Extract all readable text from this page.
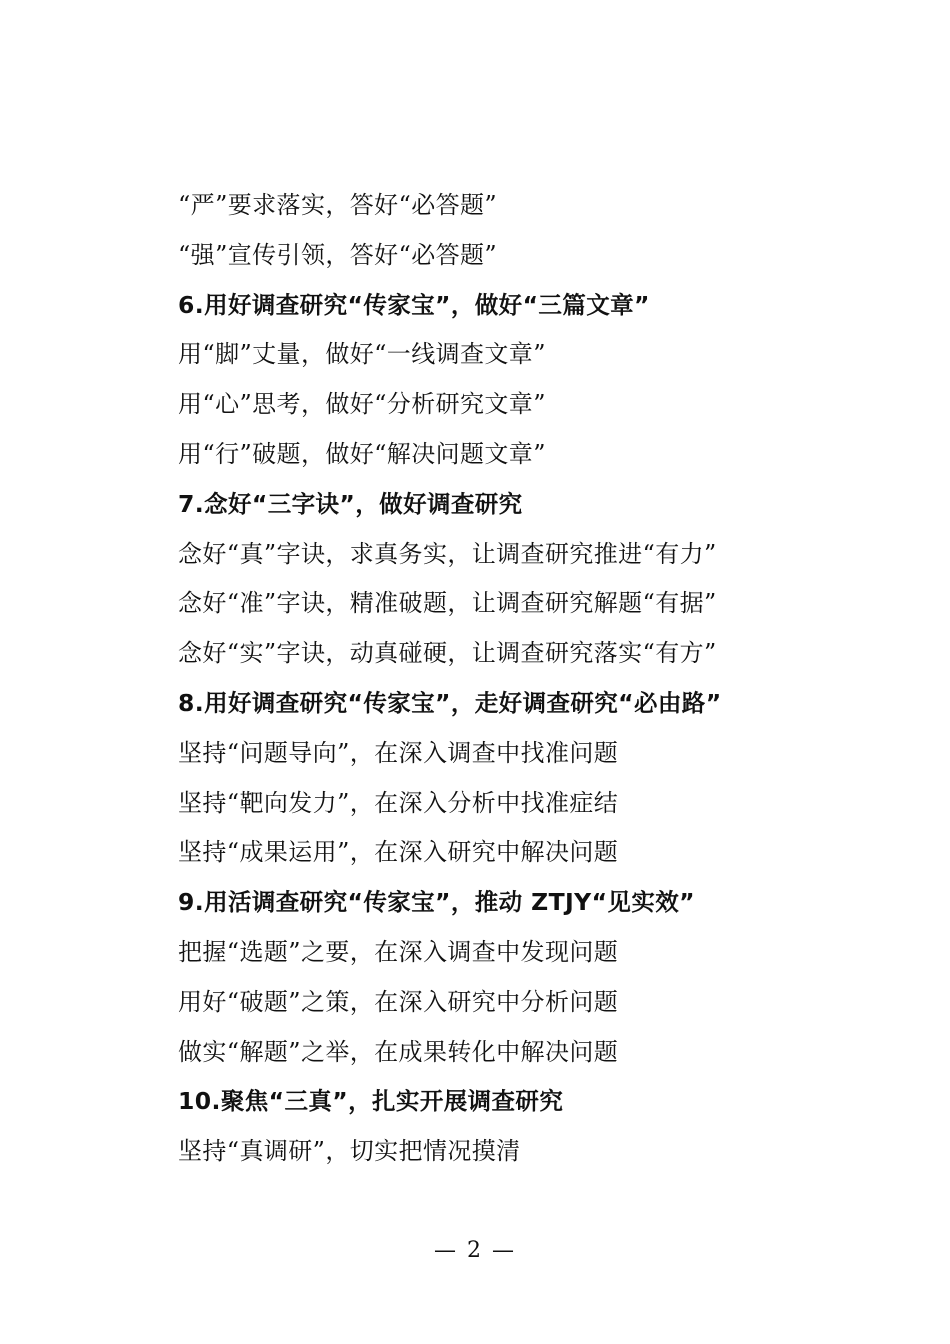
“严”要求落实，答好“必答题”
“强”宣传引领，答好“必答题”
6.用好调查研究“传家宝”，做好“三篇文章”
用“脚”丈量，做好“一线调查文章”
用“心”思考，做好“分析研究文章”
用“行”破题，做好“解决问题文章”
7.念好“三字诀”，做好调查研究
念好“真”字诀，求真务实，让调查研究推进“有力”
念好“准”字诀，精准破题，让调查研究解题“有据”
念好“实”字诀，动真碰硬，让调查研究落实“有方”
8.用好调查研究“传家宝”，走好调查研究“必由路”
坚持“问题导向”，在深入调查中找准问题
坚持“靶向发力”，在深入分析中找准症结
坚持“成果运用”，在深入研究中解决问题
9.用活调查研究“传家宝”，推动 ZTJY“见实效”
把握“选题”之要，在深入调查中发现问题
用好“破题”之策，在深入研究中分析问题
做实“解题”之举，在成果转化中解决问题
10.聚焦“三真”，扎实开展调查研究
坚持“真调研”，切实把情况摸清
— 2 —
